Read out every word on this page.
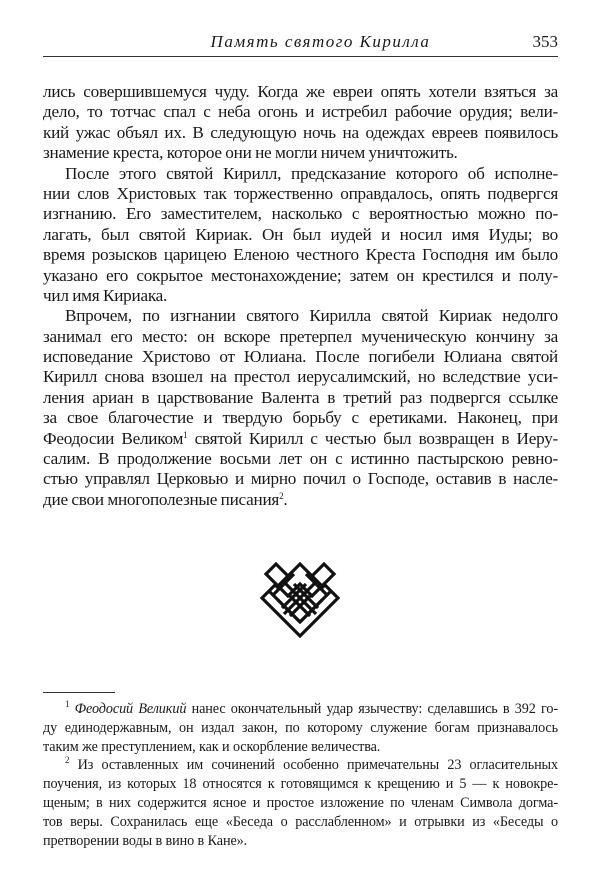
Память святого Кирилла	353
лись совершившемуся чуду. Когда же евреи опять хотели взяться за
дело, то тотчас спал с неба огонь и истребил рабочие орудия; вели-
кий ужас объял их. В следующую ночь на одеждах евреев появилось
знамение креста, которое они не могли ничем уничтожить.
После этого святой Кирилл, предсказание которого об исполне-
нии слов Христовых так торжественно оправдалось, опять подвергся
изгнанию. Его заместителем, насколько с вероятностью можно по-
лагать, был святой Кириак. Он был иудей и носил имя Иуды; во
время розысков царицею Еленою честного Креста Господня им было
указано его сокрытое местонахождение; затем он крестился и полу-
чил имя Кириака.
Впрочем, по изгнании святого Кирилла святой Кириак недолго
занимал его место: он вскоре претерпел мученическую кончину за
исповедание Христово от Юлиана. После погибели Юлиана святой
Кирилл снова взошел на престол иерусалимский, но вследствие уси-
ления ариан в царствование Валента в третий раз подвергся ссылке
за свое благочестие и твердую борьбу с еретиками. Наконец, при
Феодосии Великом$^1$ святой Кирилл с честью был возвращен в Иеру-
салим. В продолжение восьми лет он с истинно пастырскою ревно-
стью управлял Церковью и мирно почил о Господе, оставив в насле-
дие свои многополезные писания$^2$.
$^1$ Феодосий Великий нанес окончательный удар язычеству: сделавшись в 392 го-
ду единодержавным, он издал закон, по которому служение богам признавалось
таким же преступлением, как и оскорбление величества.
$^2$ Из оставленных им сочинений особенно примечательны 23 огласительных
поучения, из которых 18 относятся к готовящимся к крещению и 5 — к новокре-
щеным; в них содержится ясное и простое изложение по членам Символа догма-
тов веры. Сохранилась еще «Беседа о расслабленном» и отрывки из «Беседы о
претворении воды в вино в Кане».
